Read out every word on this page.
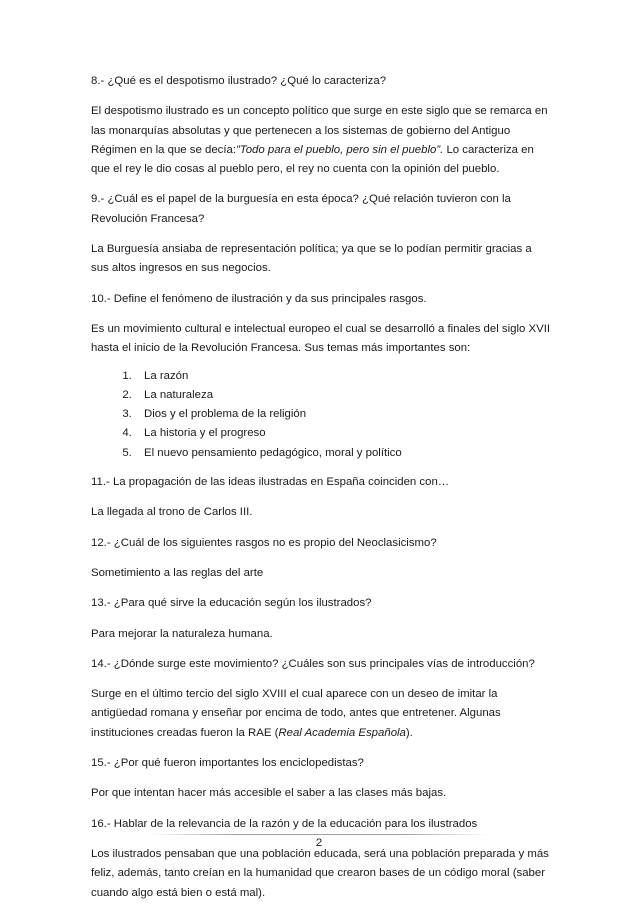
8.- ¿Qué es el despotismo ilustrado? ¿Qué lo caracteriza?

El despotismo ilustrado es un concepto político que surge en este siglo que se remarca en las monarquías absolutas y que pertenecen a los sistemas de gobierno del Antiguo Régimen en la que se decía:”Todo para el pueblo, pero sin el pueblo”. Lo caracteriza en que el rey le dio cosas al pueblo pero, el rey no cuenta con la opinión del pueblo.

9.- ¿Cuál es el papel de la burguesía en esta época? ¿Qué relación tuvieron con la Revolución Francesa?

La Burguesía ansiaba de representación política; ya que se lo podían permitir gracias a sus altos ingresos en sus negocios.

10.- Define el fenómeno de ilustración y da sus principales rasgos.

Es un movimiento cultural e intelectual europeo el cual se desarrolló a finales del siglo XVII hasta el inicio de la Revolución Francesa. Sus temas más importantes son:

1. La razón
2. La naturaleza
3. Dios y el problema de la religión
4. La historia y el progreso
5. El nuevo pensamiento pedagógico, moral y político

11.- La propagación de las ideas ilustradas en España coinciden con…

La llegada al trono de Carlos III.

12.- ¿Cuál de los siguientes rasgos no es propio del Neoclasicismo?

Sometimiento a las reglas del arte

13.- ¿Para qué sirve la educación según los ilustrados?

Para mejorar la naturaleza humana.

14.- ¿Dónde surge este movimiento? ¿Cuáles son sus principales vías de introducción?

Surge en el último tercio del siglo XVIII el cual aparece con un deseo de imitar la antigüedad romana y enseñar por encima de todo, antes que entretener. Algunas instituciones creadas fueron la RAE (Real Academia Española).

15.- ¿Por qué fueron importantes los enciclopedistas?

Por que intentan hacer más accesible el saber a las clases más bajas.

16.- Hablar de la relevancia de la razón y de la educación para los ilustrados

Los ilustrados pensaban que una población educada, será una población preparada y más feliz, además, tanto creían en la humanidad que crearon bases de un código moral (saber cuando algo está bien o está mal).

2
